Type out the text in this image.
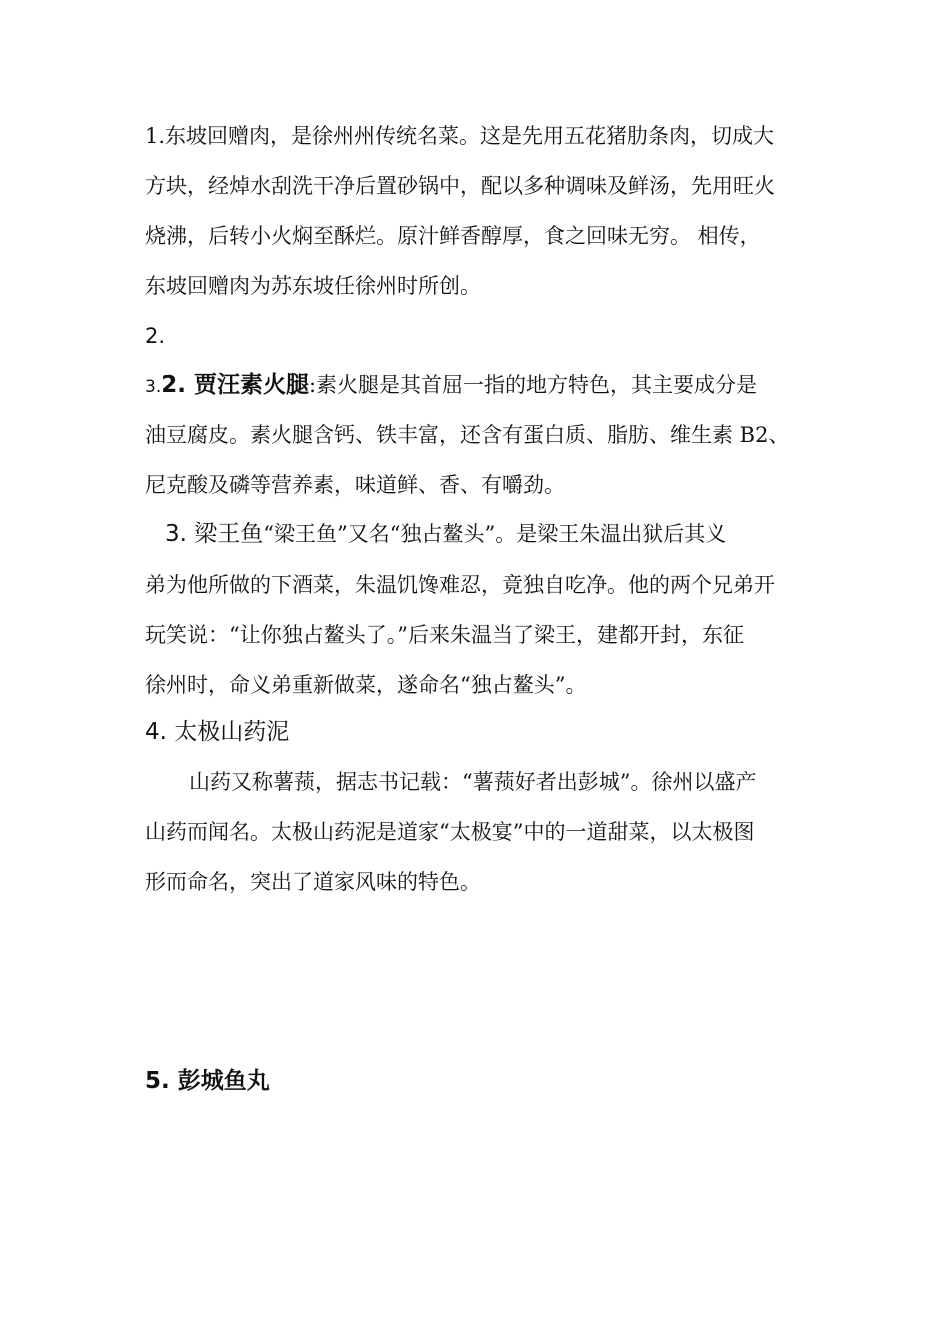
1.东坡回赠肉，是徐州州传统名菜。这是先用五花猪肋条肉，切成大
方块，经焯水刮洗干净后置砂锅中，配以多种调味及鲜汤，先用旺火
烧沸，后转小火焖至酥烂。原汁鲜香醇厚，食之回味无穷。 相传，
东坡回赠肉为苏东坡任徐州时所创。
2.
3.2. 贾汪素火腿:素火腿是其首屈一指的地方特色，其主要成分是
油豆腐皮。素火腿含钙、铁丰富，还含有蛋白质、脂肪、维生素 B2、
尼克酸及磷等营养素，味道鲜、香、有嚼劲。
3. 梁王鱼“梁王鱼”又名“独占鳌头”。是梁王朱温出狱后其义
弟为他所做的下酒菜，朱温饥馋难忍，竟独自吃净。他的两个兄弟开
玩笑说：“让你独占鳌头了。”后来朱温当了梁王，建都开封，东征
徐州时，命义弟重新做菜，遂命名“独占鳌头”。
4. 太极山药泥
山药又称薯蓣，据志书记载：“薯蓣好者出彭城”。徐州以盛产
山药而闻名。太极山药泥是道家“太极宴”中的一道甜菜，以太极图
形而命名，突出了道家风味的特色。
5. 彭城鱼丸
